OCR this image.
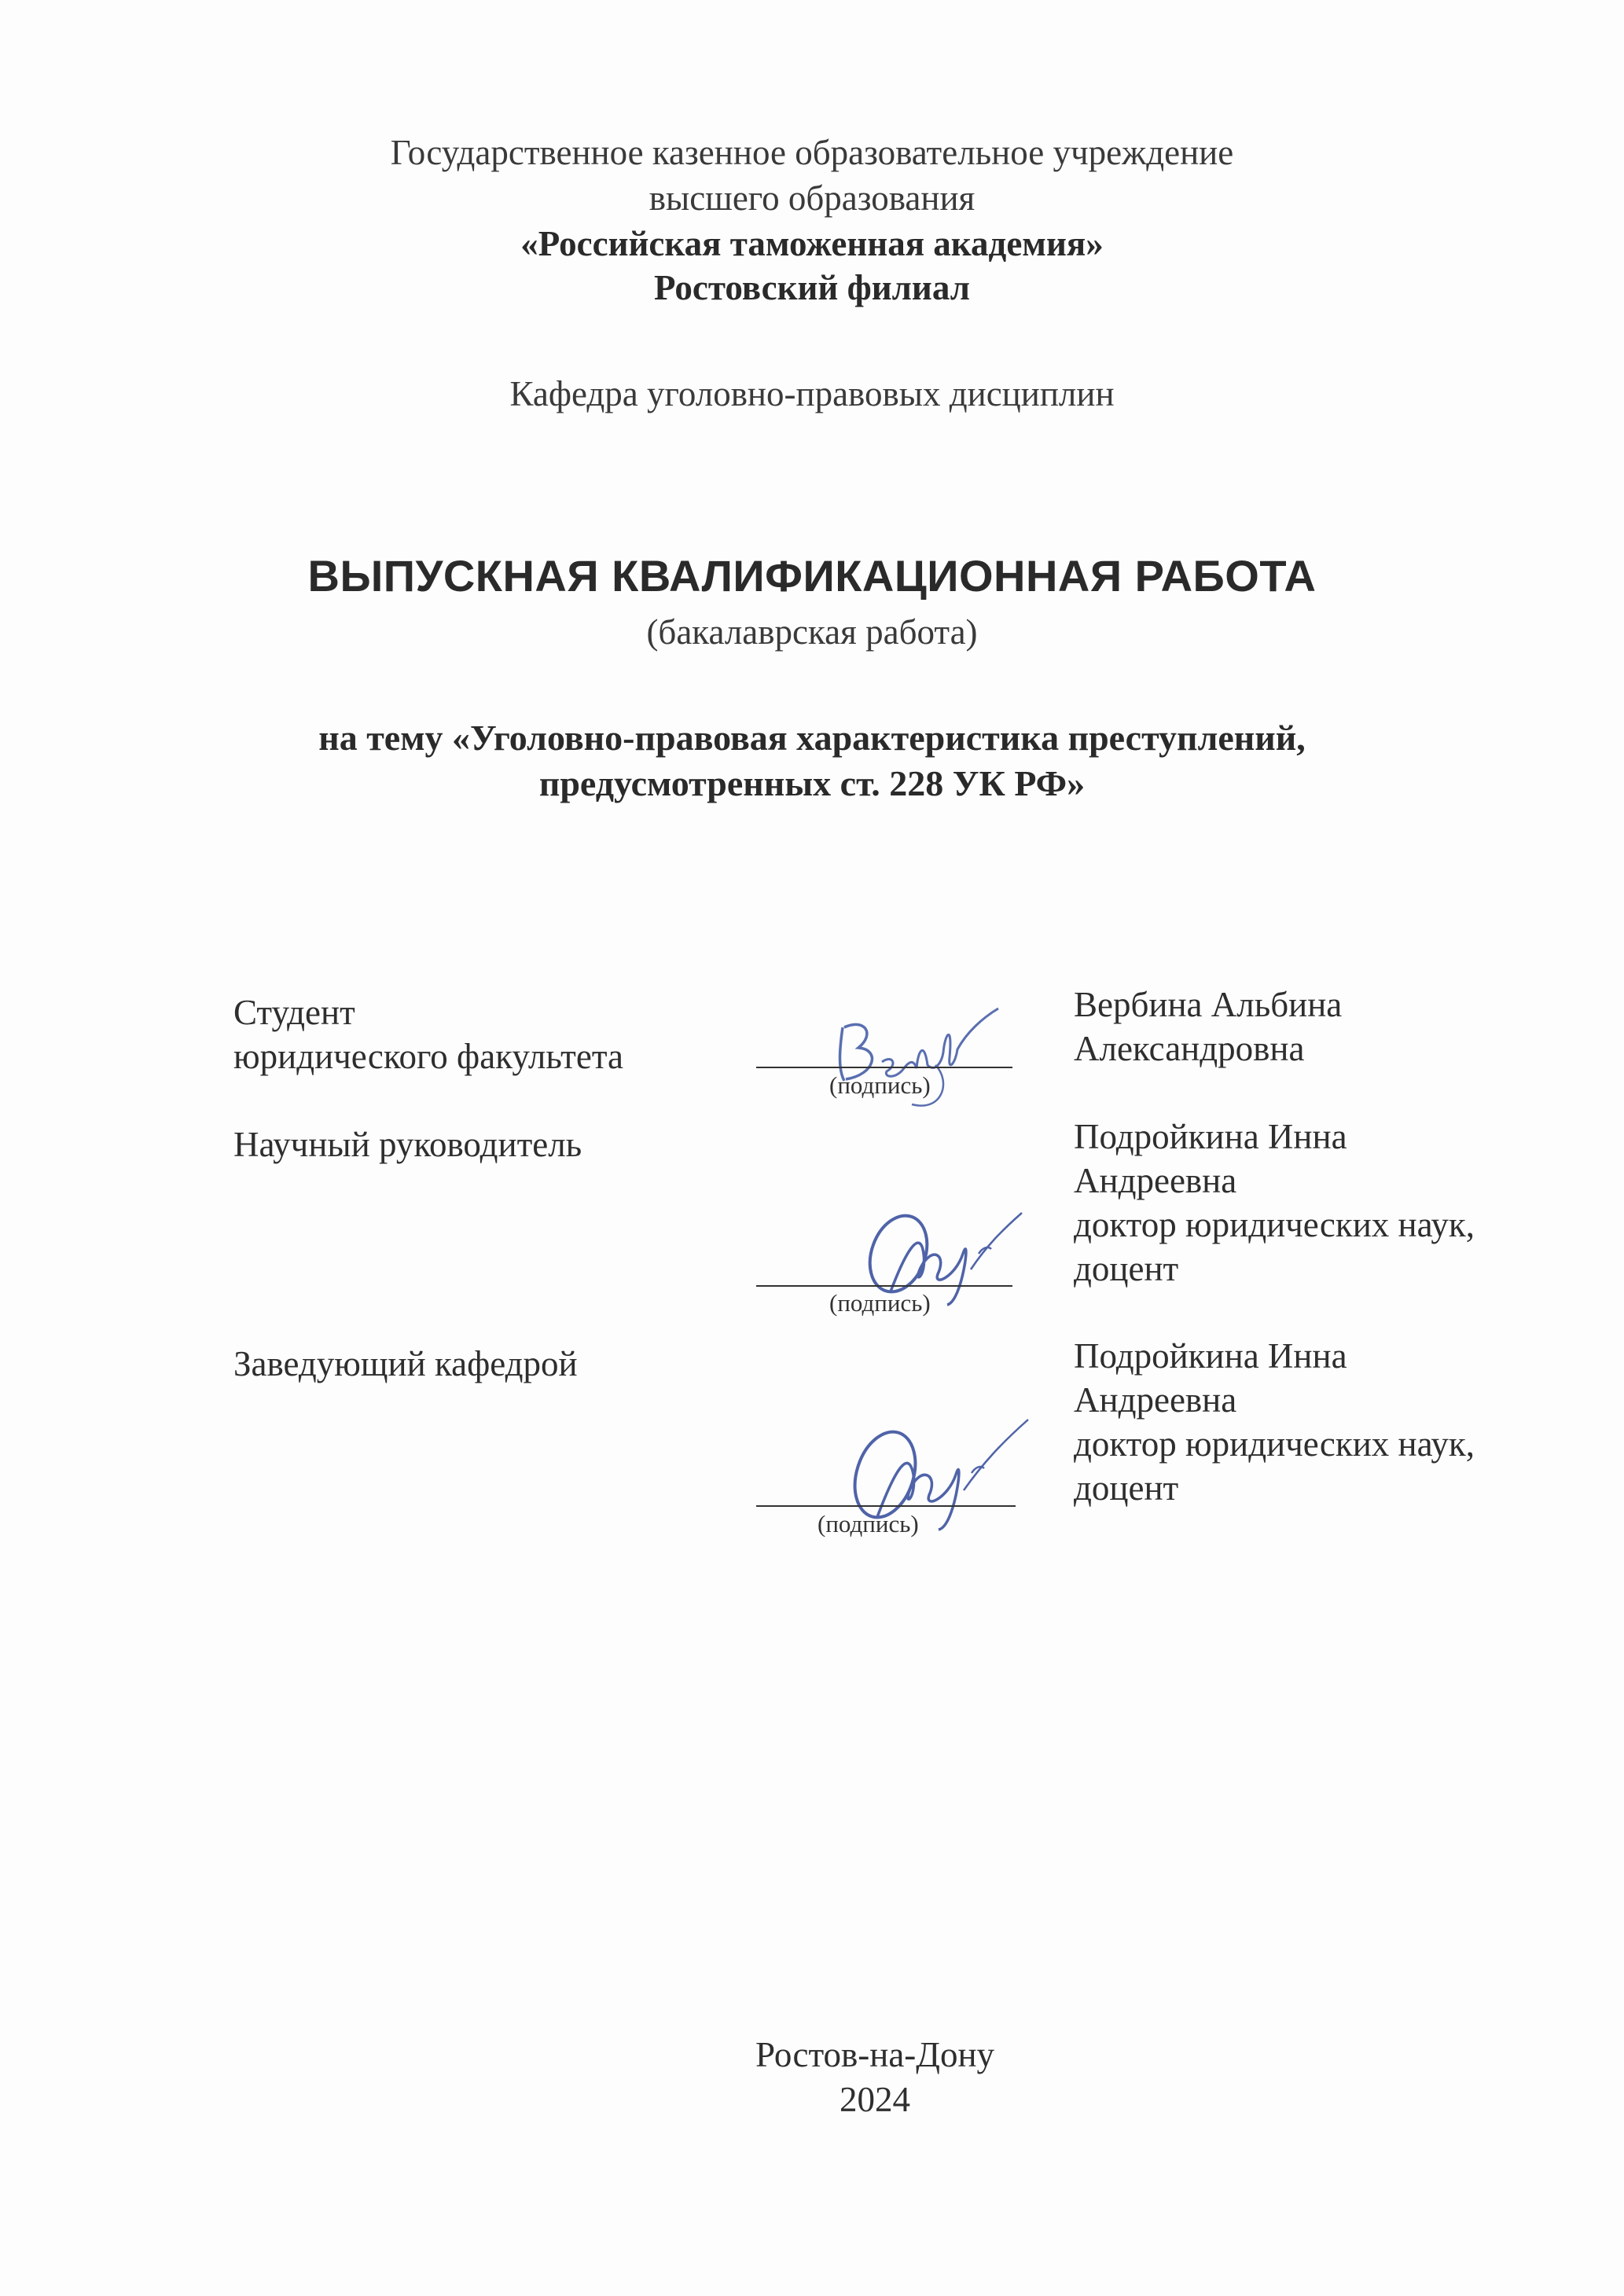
Государственное казенное образовательное учреждение
высшего образования
«Российская таможенная академия»
Ростовский филиал
Кафедра уголовно-правовых дисциплин
ВЫПУСКНАЯ КВАЛИФИКАЦИОННАЯ РАБОТА
(бакалаврская работа)
на тему «Уголовно-правовая характеристика преступлений,
предусмотренных ст. 228 УК РФ»
Студент
юридического факультета
(подпись)
Вербина Альбина
Александровна
Научный руководитель
(подпись)
Подройкина Инна
Андреевна
доктор юридических наук,
доцент
Заведующий кафедрой
(подпись)
Подройкина Инна
Андреевна
доктор юридических наук,
доцент
Ростов-на-Дону
2024
